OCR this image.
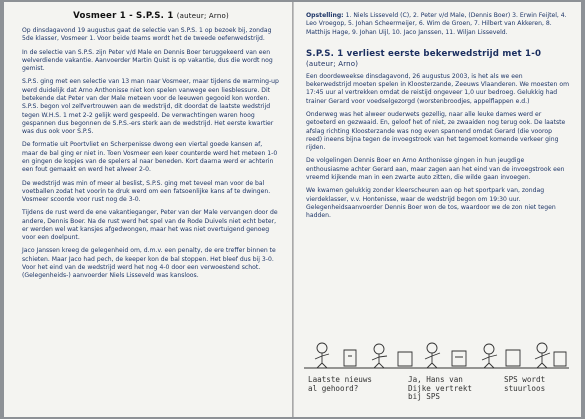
Vosmeer 1 - S.P.S. 1 (auteur; Arno)

Op dinsdagavond 19 augustus gaat de selectie van S.P.S. 1 op bezoek bij, zondag 5de klasser, Vosmeer 1. Voor beide teams wordt het de tweede oefenwedstrijd.

In de selectie van S.P.S. zijn Peter v/d Male en Dennis Boer teruggekeerd van een welverdiende vakantie. Aanvoerder Martin Quist is op vakantie, dus die wordt nog gemist.

S.P.S. ging met een selectie van 13 man naar Vosmeer, maar tijdens de warming-up werd duidelijk dat Arno Anthonisse niet kon spelen vanwege een liesblessure. Dit betekende dat Peter van der Male meteen voor de leeuwen gegooid kon worden. S.P.S. begon vol zelfvertrouwen aan de wedstrijd, dit doordat de laatste wedstrijd tegen W.H.S. 1 met 2-2 gelijk werd gespeeld. De verwachtingen waren hoog gespannen dus begonnen de S.P.S.-ers sterk aan de wedstrijd. Het eerste kwartier was dus ook voor S.P.S.

De formatie uit Poortvliet en Scherpenisse dwong een viertal goede kansen af, maar de bal ging er niet in. Toen Vosmeer een keer counterde werd het meteen 1-0 en gingen de kopjes van de spelers al naar beneden. Kort daarna werd er achterin een fout gemaakt en werd het alweer 2-0.

De wedstrijd was min of meer al beslist, S.P.S. ging met teveel man voor de bal voetballen zodat het voorin te druk werd om een fatsoenlijke kans af te dwingen. Vosmeer scoorde voor rust nog de 3-0.

Tijdens de rust werd de ene vakantieganger, Peter van der Male vervangen door de andere, Dennis Boer. Na de rust werd het spel van de Rode Duivels niet echt beter, er werden wel wat kansjes afgedwongen, maar het was niet overtuigend genoeg voor een doelpunt.

Jaco Janssen kreeg de gelegenheid om, d.m.v. een penalty, de ere treffer binnen te schieten. Maar Jaco had pech, de keeper kon de bal stoppen. Het bleef dus bij 3-0. Voor het eind van de wedstrijd werd het nog 4-0 door een verwoestend schot. (Gelegenheids-) aanvoerder Niels Lisseveld was kansloos.

Opstelling: 1. Niels Lisseveld (C), 2. Peter v/d Male, (Dennis Boer) 3. Erwin Feijtel, 4. Leo Vroegop, 5. Johan Scheermeijer, 6. Wim de Groen, 7. Hilbert van Akkeren, 8. Matthijs Hage, 9. Johan Uijl, 10. Jaco Janssen, 11. Wiljan Lisseveld.

S.P.S. 1 verliest eerste bekerwedstrijd met 1-0 (auteur; Arno)

Een doordeweekse dinsdagavond, 26 augustus 2003, is het als we een bekerwedstrijd moeten spelen in Kloosterzande, Zeeuws Vlaanderen. We moesten om 17:45 uur al vertrekken omdat de reistijd ongeveer 1,0 uur bedroeg. Gelukkig had trainer Gerard voor voedselgezorgd (worstenbroodjes, appelflappen e.d.)

Onderweg was het alweer ouderwets gezellig, naar alle leuke dames werd er getoeterd en gezwaaid. En, geloof het of niet, ze zwaaiden nog terug ook. De laatste afslag richting Kloosterzande was nog even spannend omdat Gerard (die voorop reed) ineens bijna tegen de invoegstrook van het tegemoet komende verkeer ging rijden.

De volgelingen Dennis Boer en Arno Anthonisse gingen in hun jeugdige enthousiasme achter Gerard aan, maar zagen aan het eind van de invoegstrook een vreemd kijkende man in een zwarte auto zitten, die wilde gaan invoegen.

We kwamen gelukkig zonder kleerscheuren aan op het sportpark van, zondag vierdeklasser, v.v. Hontenisse, waar de wedstrijd begon om 19:30 uur. Gelegenheidsaanvoerder Dennis Boer won de tos, waardoor we de zon niet tegen hadden.

Laatste nieuws
al gehoord?
Ja, Hans van
Dijke vertrekt
bij SPS
SPS wordt
stuurloos
